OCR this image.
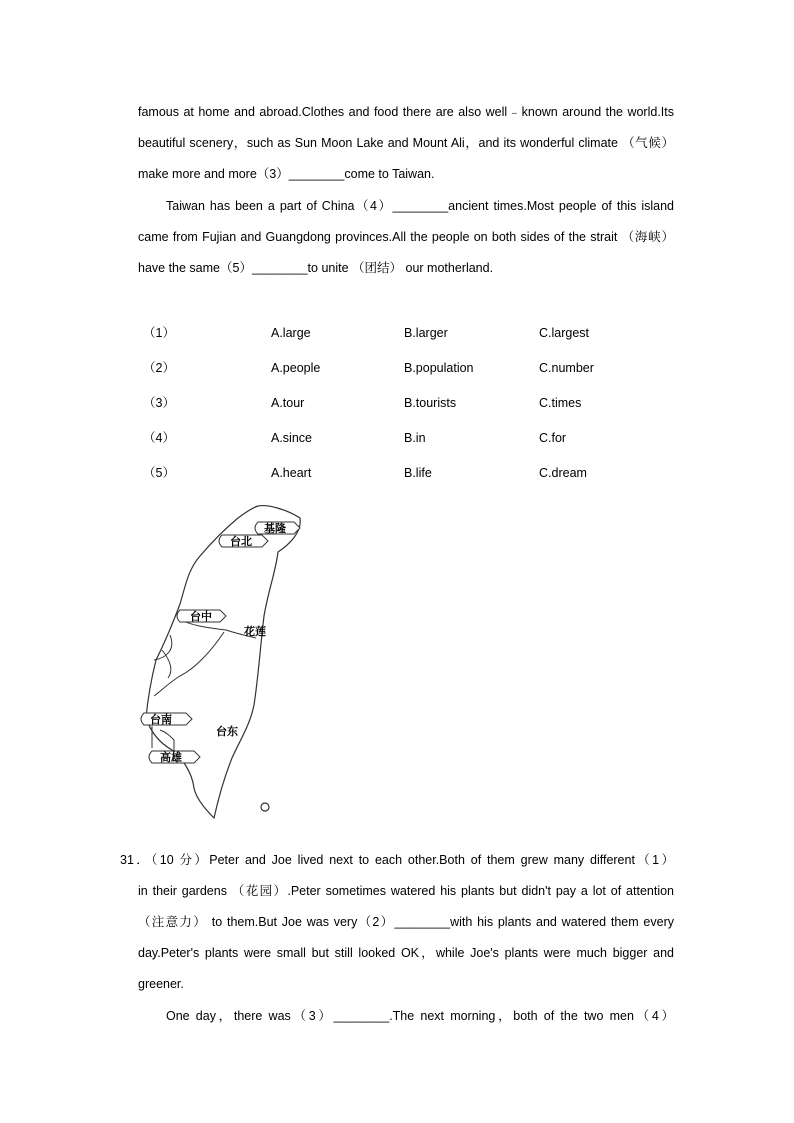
famous at home and abroad.Clothes and food there are also well﹣known around the world.Its
beautiful scenery，such as Sun Moon Lake and Mount Ali，and its wonderful climate （气候）
make more and more（3）________come to Taiwan.
Taiwan has been a part of China（4）________ancient times.Most people of this island
came from Fujian and Guangdong provinces.All the people on both sides of the strait （海峡）
have the same（5）________to unite （团结） our motherland.
（1）	A.large	B.larger	C.largest
（2）	A.people	B.population	C.number
（3）	A.tour	B.tourists	C.times
（4）	A.since	B.in	C.for
（5）	A.heart	B.life	C.dream
基隆
台北
台中
花莲
台南
台东
高雄
31．（10 分）Peter and Joe lived next to each other.Both of them grew many different（1）
in their gardens （花园）.Peter sometimes watered his plants but didn't pay a lot of attention
（注意力） to them.But Joe was very（2）________with his plants and watered them every
day.Peter's plants were small but still looked OK，while Joe's plants were much bigger and
greener.
One day，there was（3）________.The next morning，both of the two men（4）
